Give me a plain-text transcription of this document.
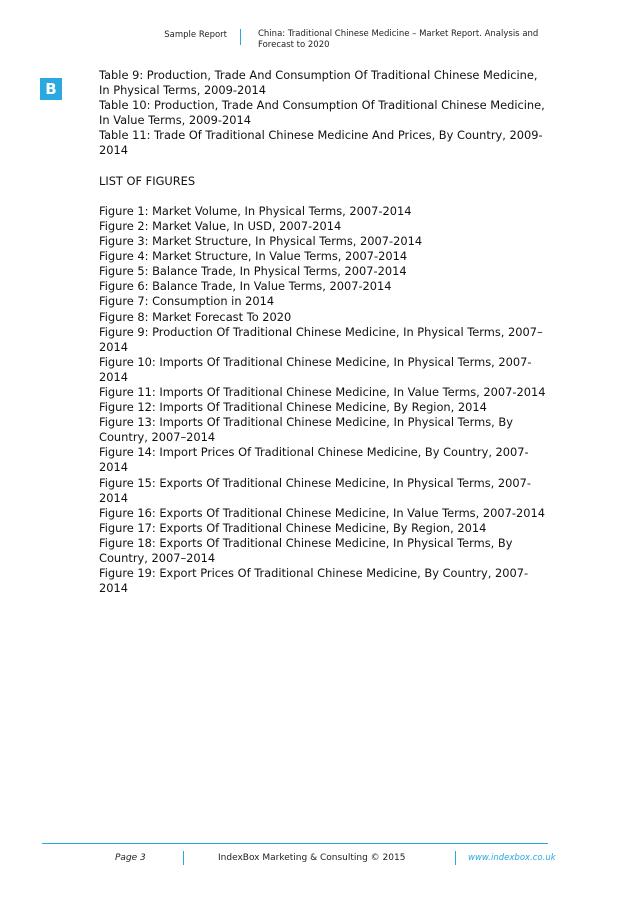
Sample Report	China: Traditional Chinese Medicine – Market Report. Analysis and
Forecast to 2020
B
Table 9: Production, Trade And Consumption Of Traditional Chinese Medicine,
In Physical Terms, 2009-2014
Table 10: Production, Trade And Consumption Of Traditional Chinese Medicine,
In Value Terms, 2009-2014
Table 11: Trade Of Traditional Chinese Medicine And Prices, By Country, 2009-
2014
LIST OF FIGURES
Figure 1: Market Volume, In Physical Terms, 2007-2014
Figure 2: Market Value, In USD, 2007-2014
Figure 3: Market Structure, In Physical Terms, 2007-2014
Figure 4: Market Structure, In Value Terms, 2007-2014
Figure 5: Balance Trade, In Physical Terms, 2007-2014
Figure 6: Balance Trade, In Value Terms, 2007-2014
Figure 7: Consumption in 2014
Figure 8: Market Forecast To 2020
Figure 9: Production Of Traditional Chinese Medicine, In Physical Terms, 2007–
2014
Figure 10: Imports Of Traditional Chinese Medicine, In Physical Terms, 2007-
2014
Figure 11: Imports Of Traditional Chinese Medicine, In Value Terms, 2007-2014
Figure 12: Imports Of Traditional Chinese Medicine, By Region, 2014
Figure 13: Imports Of Traditional Chinese Medicine, In Physical Terms, By
Country, 2007–2014
Figure 14: Import Prices Of Traditional Chinese Medicine, By Country, 2007-
2014
Figure 15: Exports Of Traditional Chinese Medicine, In Physical Terms, 2007-
2014
Figure 16: Exports Of Traditional Chinese Medicine, In Value Terms, 2007-2014
Figure 17: Exports Of Traditional Chinese Medicine, By Region, 2014
Figure 18: Exports Of Traditional Chinese Medicine, In Physical Terms, By
Country, 2007–2014
Figure 19: Export Prices Of Traditional Chinese Medicine, By Country, 2007-
2014
Page 3	IndexBox Marketing & Consulting © 2015	www.indexbox.co.uk
